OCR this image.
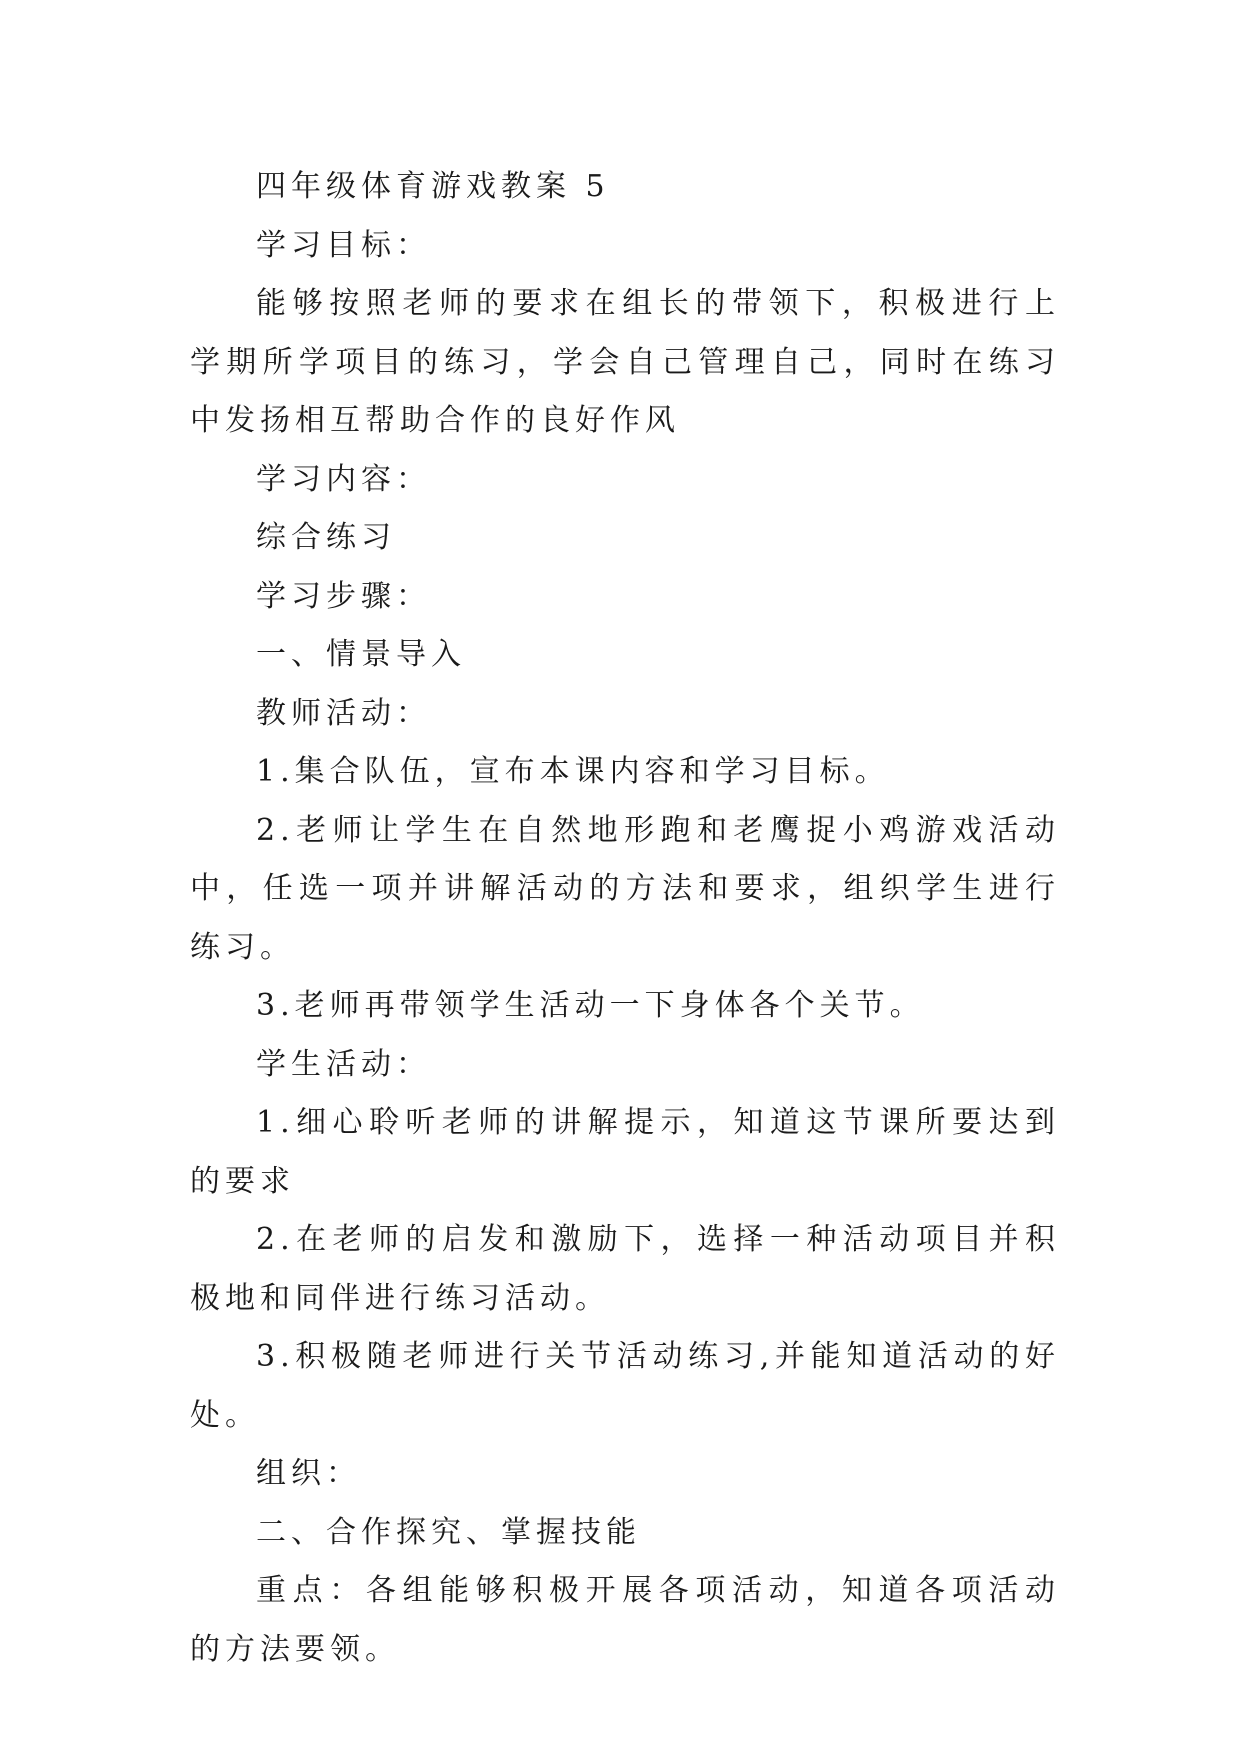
四年级体育游戏教案 5

学习目标：

能够按照老师的要求在组长的带领下，积极进行上学期所学项目的练习，学会自己管理自己，同时在练习中发扬相互帮助合作的良好作风

学习内容：

综合练习

学习步骤：

一、情景导入

教师活动：

1.集合队伍，宣布本课内容和学习目标。

2.老师让学生在自然地形跑和老鹰捉小鸡游戏活动中，任选一项并讲解活动的方法和要求，组织学生进行练习。

3.老师再带领学生活动一下身体各个关节。

学生活动：

1.细心聆听老师的讲解提示，知道这节课所要达到的要求

2.在老师的启发和激励下，选择一种活动项目并积极地和同伴进行练习活动。

3.积极随老师进行关节活动练习,并能知道活动的好处。

组织：

二、合作探究、掌握技能

重点：各组能够积极开展各项活动，知道各项活动的方法要领。
